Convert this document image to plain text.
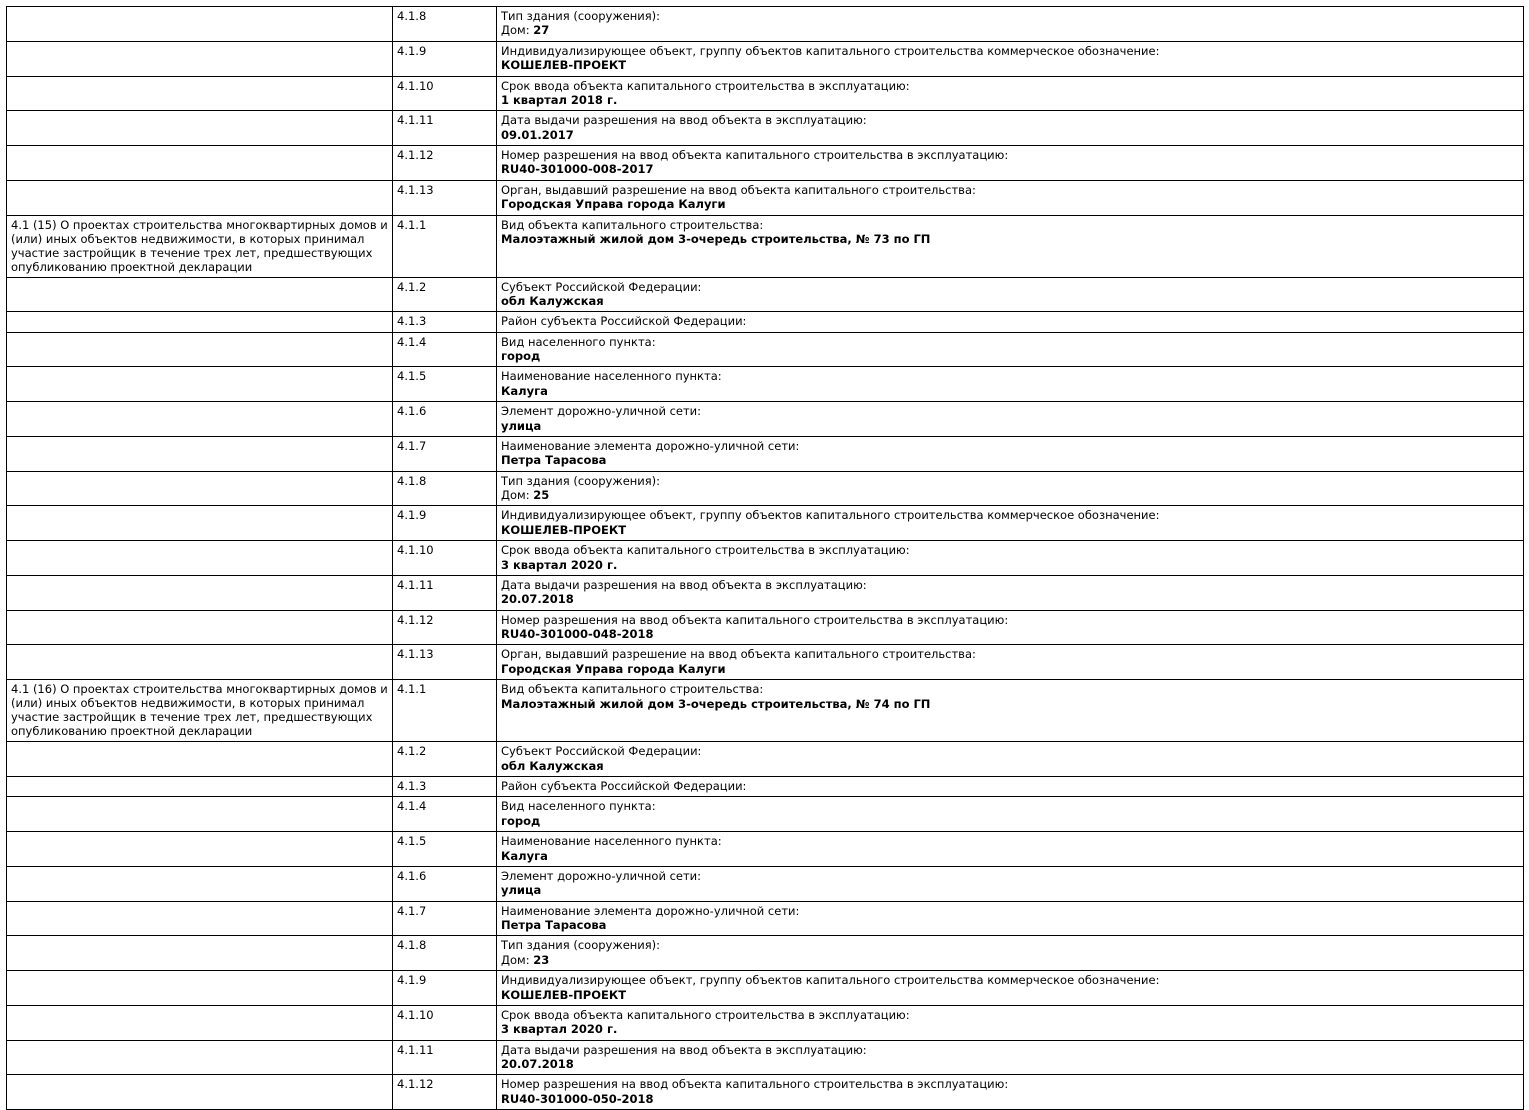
	4.1.8	Тип здания (сооружения):
Дом: 27

	4.1.9	Индивидуализирующее объект, группу объектов капитального строительства коммерческое обозначение:
КОШЕЛЕВ-ПРОЕКТ

	4.1.10	Срок ввода объекта капитального строительства в эксплуатацию:
1 квартал 2018 г.

	4.1.11	Дата выдачи разрешения на ввод объекта в эксплуатацию:
09.01.2017

	4.1.12	Номер разрешения на ввод объекта капитального строительства в эксплуатацию:
RU40-301000-008-2017

	4.1.13	Орган, выдавший разрешение на ввод объекта капитального строительства:
Городская Управа города Калуги

4.1 (15) О проектах строительства многоквартирных домов и (или) иных объектов недвижимости, в которых принимал участие застройщик в течение трех лет, предшествующих опубликованию проектной декларации	4.1.1	Вид объекта капитального строительства:
Малоэтажный жилой дом 3-очередь строительства, № 73 по ГП

	4.1.2	Субъект Российской Федерации:
обл Калужская

	4.1.3	Район субъекта Российской Федерации:

	4.1.4	Вид населенного пункта:
город

	4.1.5	Наименование населенного пункта:
Калуга

	4.1.6	Элемент дорожно-уличной сети:
улица

	4.1.7	Наименование элемента дорожно-уличной сети:
Петра Тарасова

	4.1.8	Тип здания (сооружения):
Дом: 25

	4.1.9	Индивидуализирующее объект, группу объектов капитального строительства коммерческое обозначение:
КОШЕЛЕВ-ПРОЕКТ

	4.1.10	Срок ввода объекта капитального строительства в эксплуатацию:
3 квартал 2020 г.

	4.1.11	Дата выдачи разрешения на ввод объекта в эксплуатацию:
20.07.2018

	4.1.12	Номер разрешения на ввод объекта капитального строительства в эксплуатацию:
RU40-301000-048-2018

	4.1.13	Орган, выдавший разрешение на ввод объекта капитального строительства:
Городская Управа города Калуги

4.1 (16) О проектах строительства многоквартирных домов и (или) иных объектов недвижимости, в которых принимал участие застройщик в течение трех лет, предшествующих опубликованию проектной декларации	4.1.1	Вид объекта капитального строительства:
Малоэтажный жилой дом 3-очередь строительства, № 74 по ГП

	4.1.2	Субъект Российской Федерации:
обл Калужская

	4.1.3	Район субъекта Российской Федерации:

	4.1.4	Вид населенного пункта:
город

	4.1.5	Наименование населенного пункта:
Калуга

	4.1.6	Элемент дорожно-уличной сети:
улица

	4.1.7	Наименование элемента дорожно-уличной сети:
Петра Тарасова

	4.1.8	Тип здания (сооружения):
Дом: 23

	4.1.9	Индивидуализирующее объект, группу объектов капитального строительства коммерческое обозначение:
КОШЕЛЕВ-ПРОЕКТ

	4.1.10	Срок ввода объекта капитального строительства в эксплуатацию:
3 квартал 2020 г.

	4.1.11	Дата выдачи разрешения на ввод объекта в эксплуатацию:
20.07.2018

	4.1.12	Номер разрешения на ввод объекта капитального строительства в эксплуатацию:
RU40-301000-050-2018
